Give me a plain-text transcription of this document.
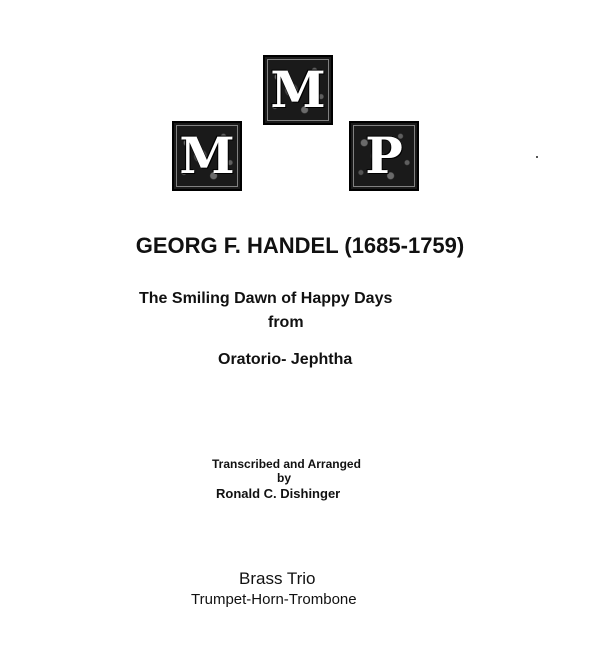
M
M	P
GEORG F. HANDEL (1685-1759)
The Smiling Dawn of Happy Days
from
Oratorio- Jephtha
Transcribed and Arranged
by
Ronald C. Dishinger
Brass Trio
Trumpet-Horn-Trombone
